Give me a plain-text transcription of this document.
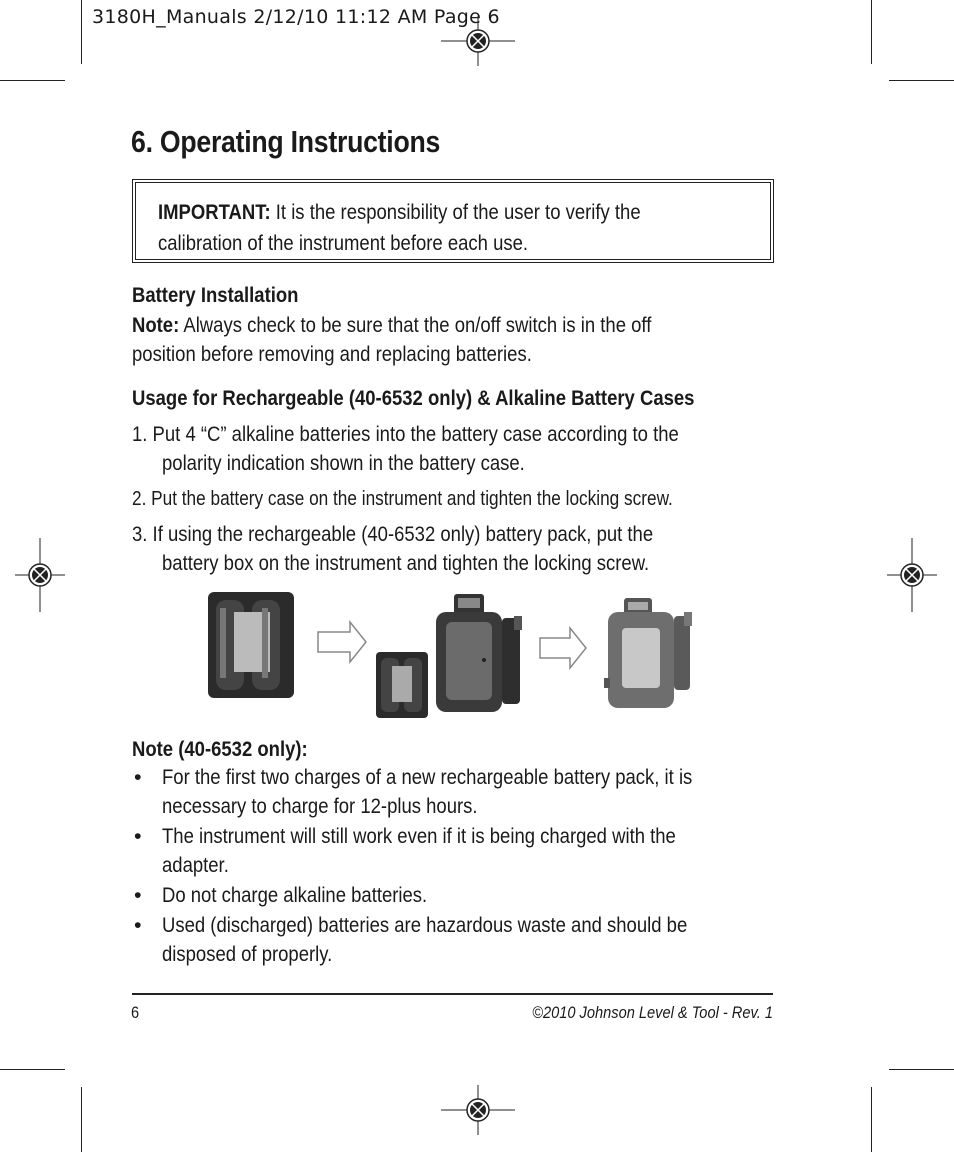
3180H_Manuals 2/12/10 11:12 AM Page 6
6. Operating Instructions
IMPORTANT: It is the responsibility of the user to verify the
calibration of the instrument before each use.
Battery Installation
Note: Always check to be sure that the on/off switch is in the off
position before removing and replacing batteries.
Usage for Rechargeable (40-6532 only) & Alkaline Battery Cases
1. Put 4 “C” alkaline batteries into the battery case according to the
polarity indication shown in the battery case.
2. Put the battery case on the instrument and tighten the locking screw.
3. If using the rechargeable (40-6532 only) battery pack, put the
battery box on the instrument and tighten the locking screw.
Note (40-6532 only):
• For the first two charges of a new rechargeable battery pack, it is
necessary to charge for 12-plus hours.
• The instrument will still work even if it is being charged with the
adapter.
• Do not charge alkaline batteries.
• Used (discharged) batteries are hazardous waste and should be
disposed of properly.
6	©2010 Johnson Level & Tool - Rev. 1
